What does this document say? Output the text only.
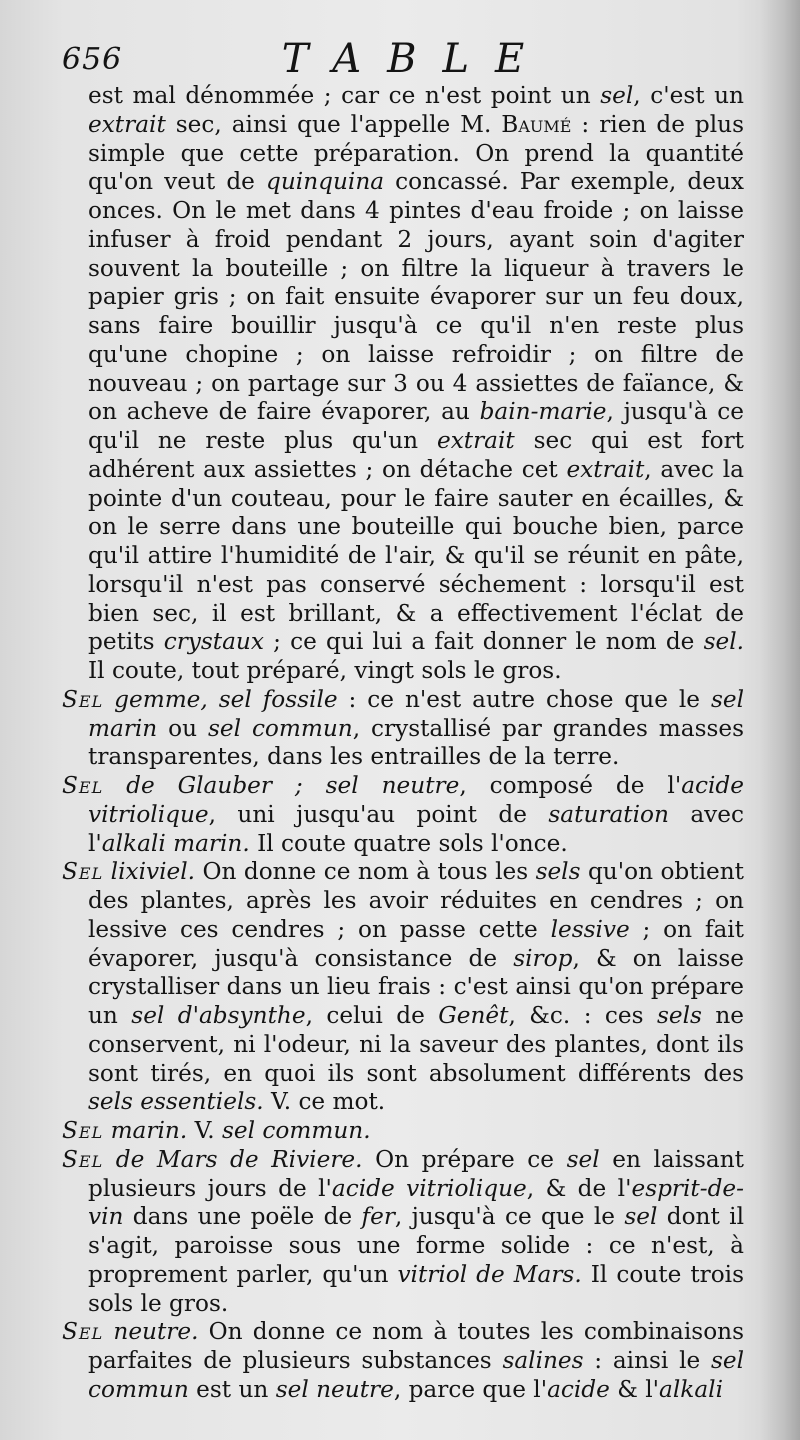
656	TABLE

est mal dénommée ; car ce n'est point un sel, c'est un extrait sec, ainsi que l'appelle M. Baumé : rien de plus simple que cette préparation. On prend la quantité qu'on veut de quinquina concassé. Par exemple, deux onces. On le met dans 4 pintes d'eau froide ; on laisse infuser à froid pendant 2 jours, ayant soin d'agiter souvent la bouteille ; on filtre la liqueur à travers le papier gris ; on fait ensuite évaporer sur un feu doux, sans faire bouillir jusqu'à ce qu'il n'en reste plus qu'une chopine ; on laisse refroidir ; on filtre de nouveau ; on partage sur 3 ou 4 assiettes de faïance, & on acheve de faire évaporer, au bain-marie, jusqu'à ce qu'il ne reste plus qu'un extrait sec qui est fort adhérent aux assiettes ; on détache cet extrait, avec la pointe d'un couteau, pour le faire sauter en écailles, & on le serre dans une bouteille qui bouche bien, parce qu'il attire l'humidité de l'air, & qu'il se réunit en pâte, lorsqu'il n'est pas conservé séchement : lorsqu'il est bien sec, il est brillant, & a effectivement l'éclat de petits crystaux ; ce qui lui a fait donner le nom de sel. Il coute, tout préparé, vingt sols le gros.

Sel gemme, sel fossile : ce n'est autre chose que le sel marin ou sel commun, crystallisé par grandes masses transparentes, dans les entrailles de la terre.

Sel de Glauber ; sel neutre, composé de l'acide vitriolique, uni jusqu'au point de saturation avec l'alkali marin. Il coute quatre sols l'once.

Sel lixiviel. On donne ce nom à tous les sels qu'on obtient des plantes, après les avoir réduites en cendres ; on lessive ces cendres ; on passe cette lessive ; on fait évaporer, jusqu'à consistance de sirop, & on laisse crystalliser dans un lieu frais : c'est ainsi qu'on prépare un sel d'absynthe, celui de Genêt, &c. : ces sels ne conservent, ni l'odeur, ni la saveur des plantes, dont ils sont tirés, en quoi ils sont absolument différents des sels essentiels. V. ce mot.

Sel marin. V. sel commun.

Sel de Mars de Riviere. On prépare ce sel en laissant plusieurs jours de l'acide vitriolique, & de l'esprit-de-vin dans une poële de fer, jusqu'à ce que le sel dont il s'agit, paroisse sous une forme solide : ce n'est, à proprement parler, qu'un vitriol de Mars. Il coute trois sols le gros.

Sel neutre. On donne ce nom à toutes les combinaisons parfaites de plusieurs substances salines : ainsi le sel commun est un sel neutre, parce que l'acide & l'alkali
